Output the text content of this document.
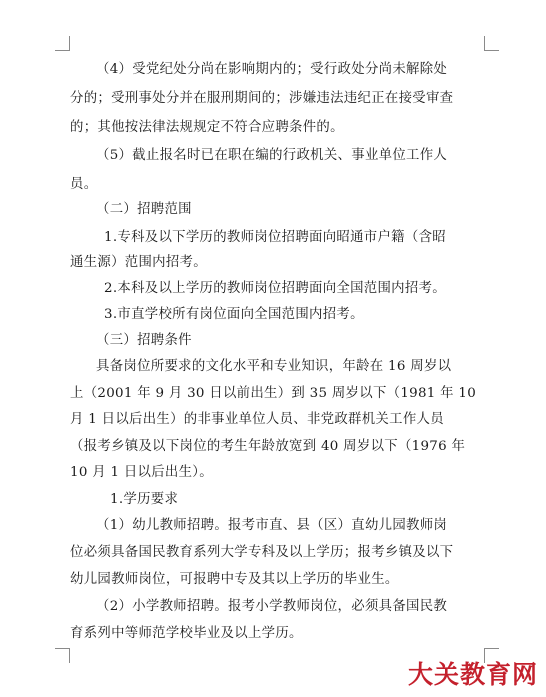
（4）受党纪处分尚在影响期内的；受行政处分尚未解除处
分的；受刑事处分并在服刑期间的；涉嫌违法违纪正在接受审查
的；其他按法律法规规定不符合应聘条件的。
（5）截止报名时已在职在编的行政机关、事业单位工作人
员。
（二）招聘范围
1.专科及以下学历的教师岗位招聘面向昭通市户籍（含昭
通生源）范围内招考。
2.本科及以上学历的教师岗位招聘面向全国范围内招考。
3.市直学校所有岗位面向全国范围内招考。
（三）招聘条件
具备岗位所要求的文化水平和专业知识，年龄在 16 周岁以
上（2001 年 9 月 30 日以前出生）到 35 周岁以下（1981 年 10
月 1 日以后出生）的非事业单位人员、非党政群机关工作人员
（报考乡镇及以下岗位的考生年龄放宽到 40 周岁以下（1976 年
10 月 1 日以后出生）。
1.学历要求
（1）幼儿教师招聘。报考市直、县（区）直幼儿园教师岗
位必须具备国民教育系列大学专科及以上学历；报考乡镇及以下
幼儿园教师岗位，可报聘中专及其以上学历的毕业生。
（2）小学教师招聘。报考小学教师岗位，必须具备国民教
育系列中等师范学校毕业及以上学历。
大关教育网
